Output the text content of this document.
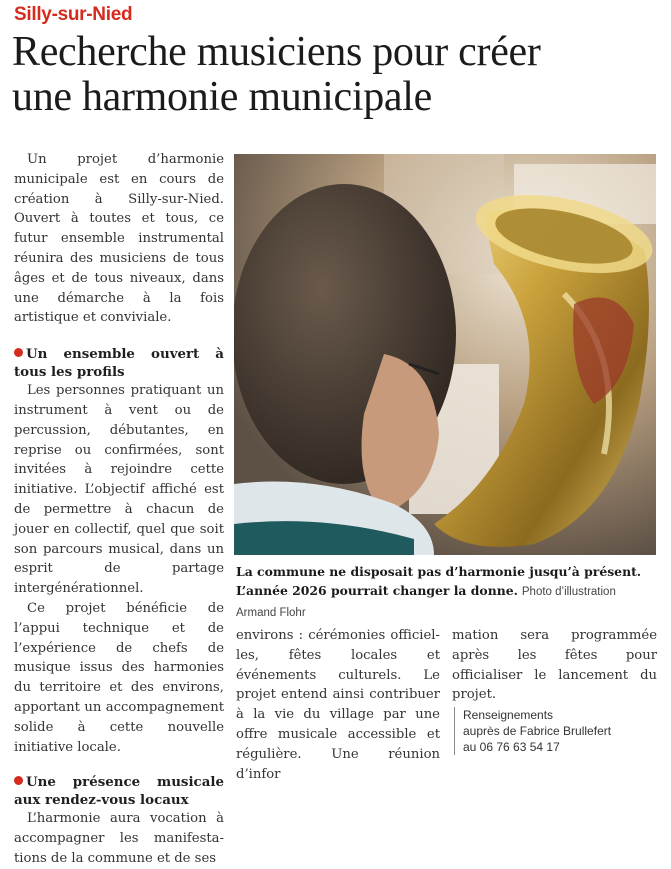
Silly-sur-Nied
Recherche musiciens pour créer
une harmonie municipale

Un projet d’harmonie municipale est en cours de création à Silly-sur-Nied. Ouvert à toutes et tous, ce futur ensemble instrumental réunira des musiciens de tous âges et de tous niveaux, dans une démarche à la fois artistique et conviviale.

Un ensemble ouvert à tous les profils

Les personnes pratiquant un instrument à vent ou de percussion, débutantes, en reprise ou confirmées, sont invitées à rejoindre cette initiative. L’objectif affiché est de permettre à chacun de jouer en collectif, quel que soit son parcours musical, dans un esprit de partage intergénérationnel.

Ce projet bénéficie de l’appui technique et de l’expérience de chefs de musique issus des harmonies du territoire et des environs, apportant un accompagnement solide à cette nouvelle initiative locale.

Une présence musicale aux rendez-vous locaux

L’harmonie aura vocation à accompagner les manifestations de la commune et de ses

La commune ne disposait pas d’harmonie jusqu’à présent. L’année 2026 pourrait changer la donne. Photo d’illustration Armand Flohr

environs : cérémonies officielles, fêtes locales et événements culturels. Le projet entend ainsi contribuer à la vie du village par une offre musicale accessible et régulière. Une réunion d’infor

mation sera programmée après les fêtes pour officialiser le lancement du projet.

Renseignements
auprès de Fabrice Brullefert
au 06 76 63 54 17
